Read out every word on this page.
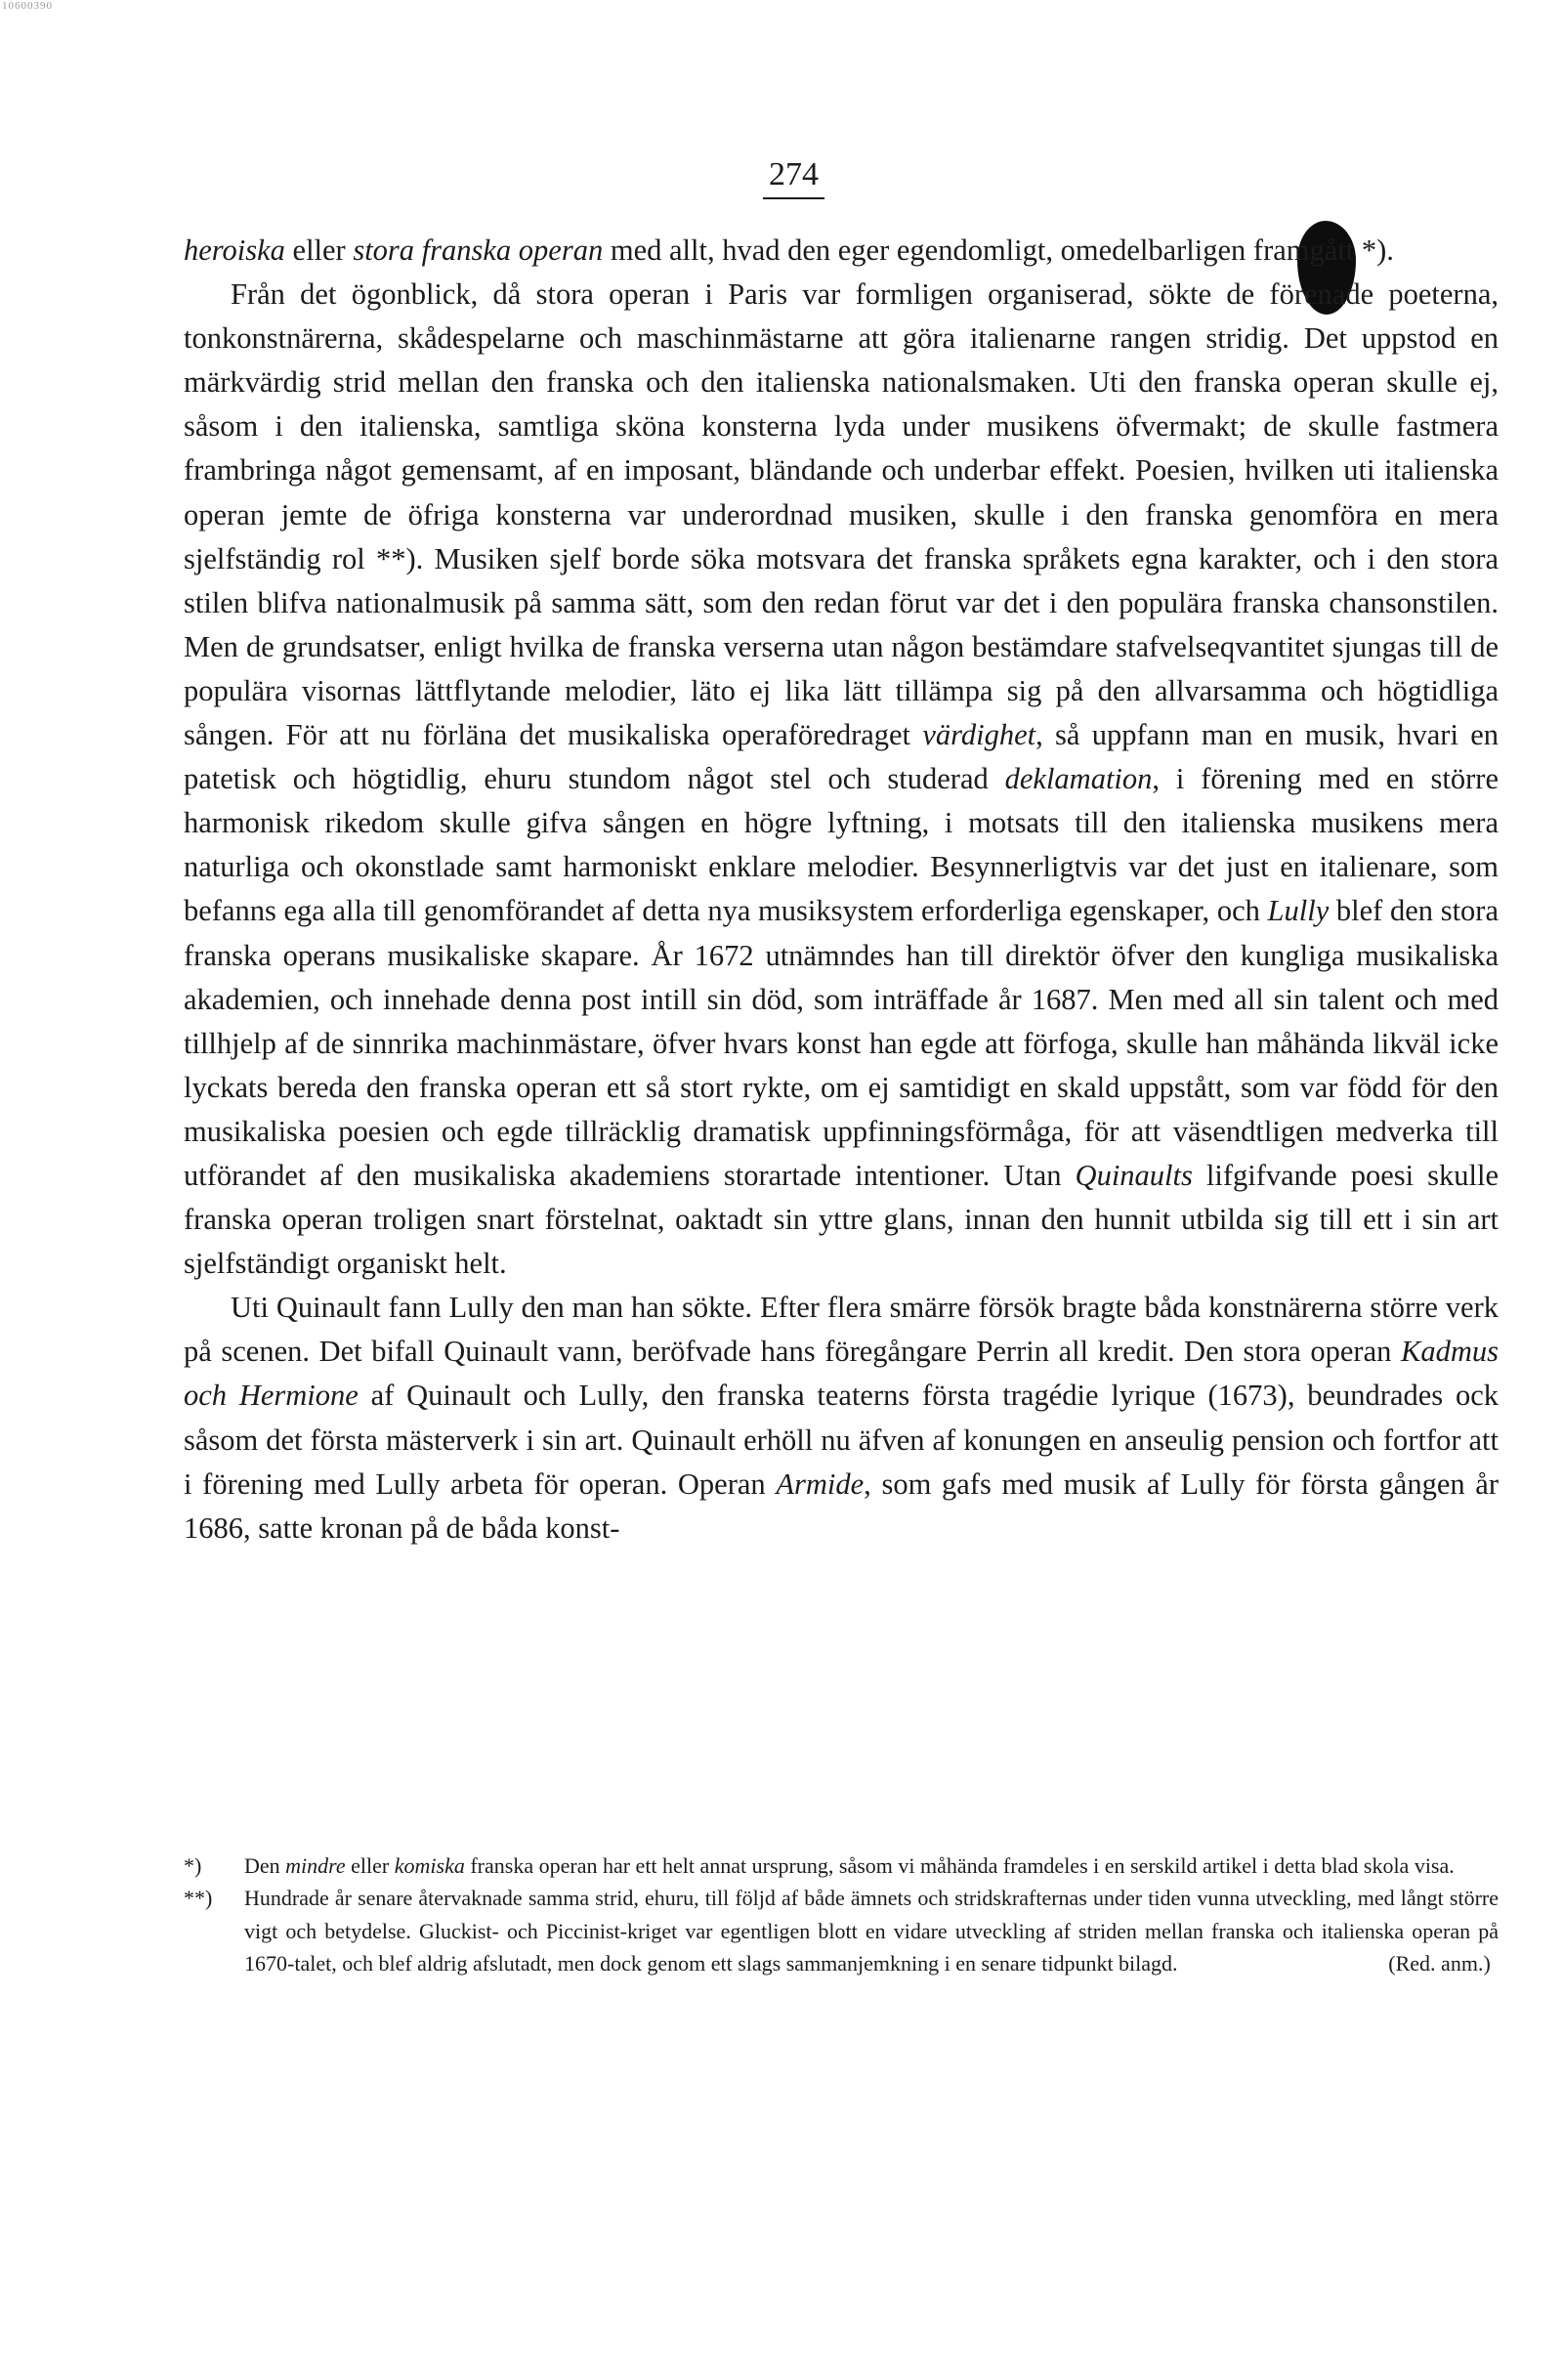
10600390
274

heroiska eller stora franska operan med allt, hvad den eger egendomligt, omedelbarligen framgått *).

Från det ögonblick, då stora operan i Paris var formligen organiserad, sökte de förenade poeterna, tonkonstnärerna, skådespelarne och maschinmästarne att göra italienarne rangen stridig. Det uppstod en märkvärdig strid mellan den franska och den italienska nationalsmaken. Uti den franska operan skulle ej, såsom i den italienska, samtliga sköna konsterna lyda under musikens öfvermakt; de skulle fastmera frambringa något gemensamt, af en imposant, bländande och underbar effekt. Poesien, hvilken uti italienska operan jemte de öfriga konsterna var underordnad musiken, skulle i den franska genomföra en mera sjelfständig rol **). Musiken sjelf borde söka motsvara det franska språkets egna karakter, och i den stora stilen blifva nationalmusik på samma sätt, som den redan förut var det i den populära franska chansonstilen. Men de grundsatser, enligt hvilka de franska verserna utan någon bestämdare stafvelseqvantitet sjungas till de populära visornas lättflytande melodier, läto ej lika lätt tillämpa sig på den allvarsamma och högtidliga sången. För att nu förläna det musikaliska operaföredraget värdighet, så uppfann man en musik, hvari en patetisk och högtidlig, ehuru stundom något stel och studerad deklamation, i förening med en större harmonisk rikedom skulle gifva sången en högre lyftning, i motsats till den italienska musikens mera naturliga och okonstlade samt harmoniskt enklare melodier. Besynnerligtvis var det just en italienare, som befanns ega alla till genomförandet af detta nya musiksystem erforderliga egenskaper, och Lully blef den stora franska operans musikaliske skapare. År 1672 utnämndes han till direktör öfver den kungliga musikaliska akademien, och innehade denna post intill sin död, som inträffade år 1687. Men med all sin talent och med tillhjelp af de sinnrika machinmästare, öfver hvars konst han egde att förfoga, skulle han måhända likväl icke lyckats bereda den franska operan ett så stort rykte, om ej samtidigt en skald uppstått, som var född för den musikaliska poesien och egde tillräcklig dramatisk uppfinningsförmåga, för att väsendtligen medverka till utförandet af den musikaliska akademiens storartade intentioner. Utan Quinaults lifgifvande poesi skulle franska operan troligen snart förstelnat, oaktadt sin yttre glans, innan den hunnit utbilda sig till ett i sin art sjelfständigt organiskt helt.

Uti Quinault fann Lully den man han sökte. Efter flera smärre försök bragte båda konstnärerna större verk på scenen. Det bifall Quinault vann, beröfvade hans föregångare Perrin all kredit. Den stora operan Kadmus och Hermione af Quinault och Lully, den franska teaterns första tragédie lyrique (1673), beundrades ock såsom det första mästerverk i sin art. Quinault erhöll nu äfven af konungen en anseulig pension och fortfor att i förening med Lully arbeta för operan. Operan Armide, som gafs med musik af Lully för första gången år 1686, satte kronan på de båda konst-

*) Den mindre eller komiska franska operan har ett helt annat ursprung, såsom vi måhända framdeles i en serskild artikel i detta blad skola visa.

**) Hundrade år senare återvaknade samma strid, ehuru, till följd af både ämnets och stridskrafternas under tiden vunna utveckling, med långt större vigt och betydelse. Gluckist- och Piccinist-kriget var egentligen blott en vidare utveckling af striden mellan franska och italienska operan på 1670-talet, och blef aldrig afslutadt, men dock genom ett slags sammanjemkning i en senare tidpunkt bilagd.	(Red. anm.)
